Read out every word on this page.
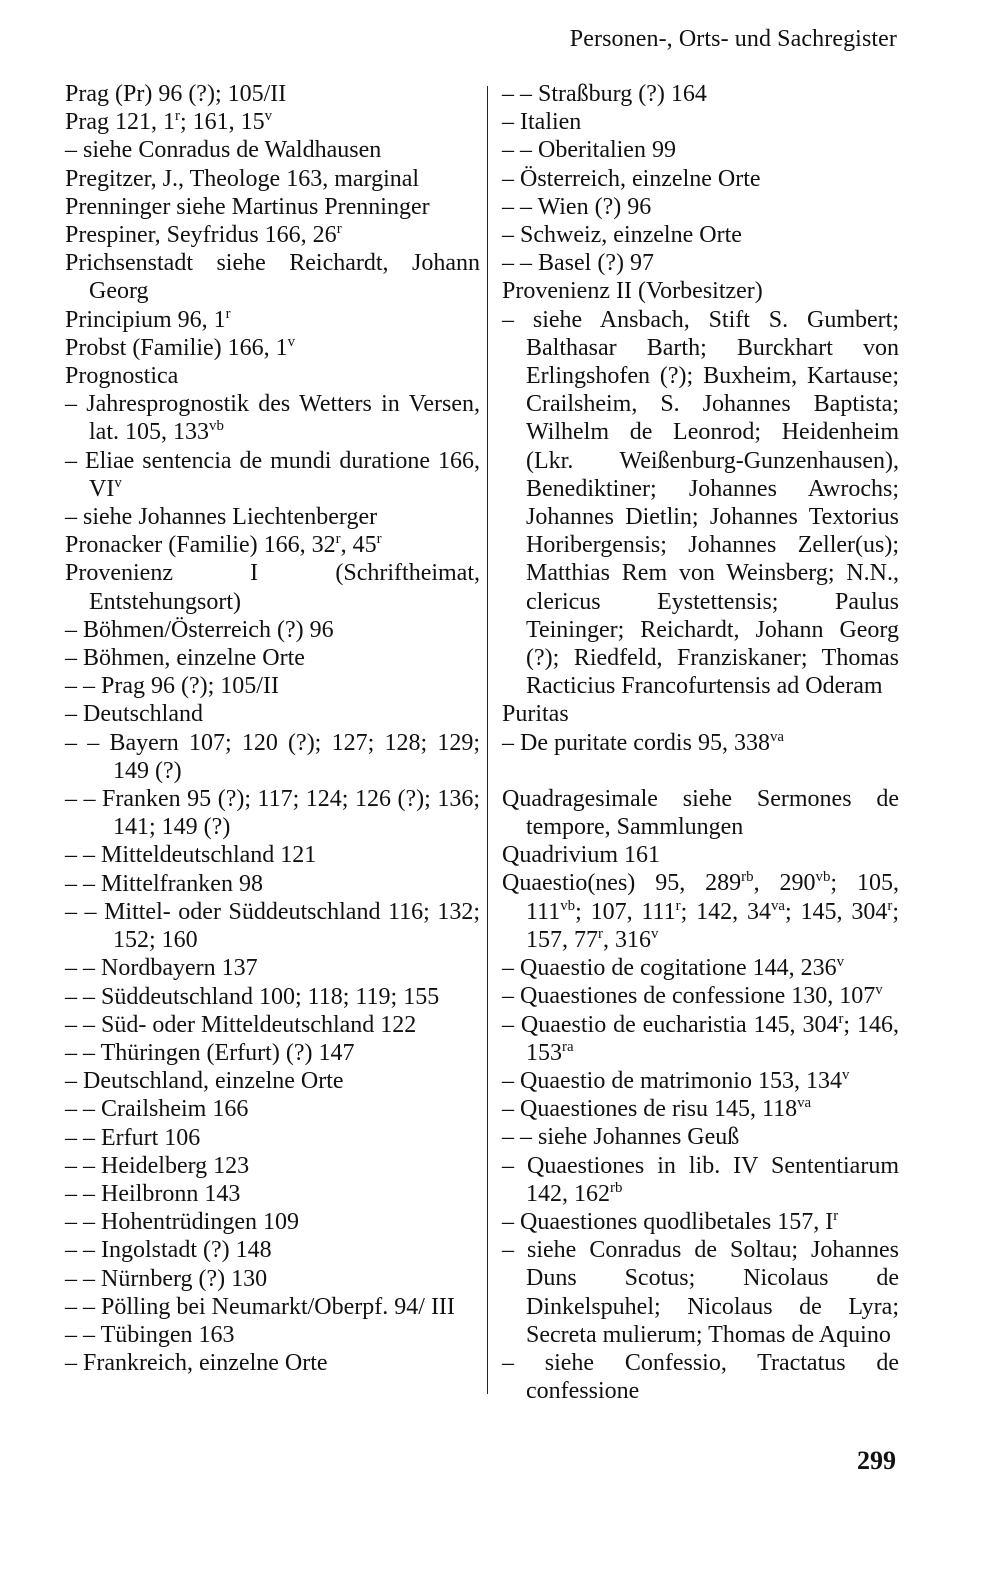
Personen-, Orts- und Sachregister
Prag (Pr) 96 (?); 105/II
Prag 121, 1$^r$; 161, 15$^v$
– siehe Conradus de Waldhausen
Pregitzer, J., Theologe 163, marginal
Prenninger siehe Martinus Prenninger
Prespiner, Seyfridus 166, 26$^r$
Prichsenstadt siehe Reichardt, Johann Georg
Principium 96, 1$^r$
Probst (Familie) 166, 1$^v$
Prognostica
– Jahresprognostik des Wetters in Versen, lat. 105, $133^{vb}$
– Eliae sentencia de mundi duratione 166, $VI^v$
– siehe Johannes Liechtenberger
Pronacker (Familie) 166, 32$^r$, 45$^r$
Provenienz I (Schriftheimat, Entstehungsort)
– Böhmen/Österreich (?) 96
– Böhmen, einzelne Orte
– – Prag 96 (?); 105/II
– Deutschland
– – Bayern 107; 120 (?); 127; 128; 129; 149 (?)
– – Franken 95 (?); 117; 124; 126 (?); 136; 141; 149 (?)
– – Mitteldeutschland 121
– – Mittelfranken 98
– – Mittel- oder Süddeutschland 116; 132; 152; 160
– – Nordbayern 137
– – Süddeutschland 100; 118; 119; 155
– – Süd- oder Mitteldeutschland 122
– – Thüringen (Erfurt) (?) 147
– Deutschland, einzelne Orte
– – Crailsheim 166
– – Erfurt 106
– – Heidelberg 123
– – Heilbronn 143
– – Hohentrüdingen 109
– – Ingolstadt (?) 148
– – Nürnberg (?) 130
– – Pölling bei Neumarkt/Oberpf. 94/ III
– – Tübingen 163
– Frankreich, einzelne Orte
– – Straßburg (?) 164
– Italien
– – Oberitalien 99
– Österreich, einzelne Orte
– – Wien (?) 96
– Schweiz, einzelne Orte
– – Basel (?) 97
Provenienz II (Vorbesitzer)
– siehe Ansbach, Stift S. Gumbert; Balthasar Barth; Burckhart von Erlingshofen (?); Buxheim, Kartause; Crailsheim, S. Johannes Baptista; Wilhelm de Leonrod; Heidenheim (Lkr. Weißenburg-Gunzenhausen), Benediktiner; Johannes Awrochs; Johannes Dietlin; Johannes Textorius Horibergensis; Johannes Zeller(us); Matthias Rem von Weinsberg; N.N., clericus Eystettensis; Paulus Teininger; Reichardt, Johann Georg (?); Riedfeld, Franziskaner; Thomas Racticius Francofurtensis ad Oderam
Puritas
– De puritate cordis 95, $338^{va}$
Quadragesimale siehe Sermones de tempore, Sammlungen
Quadrivium 161
Quaestio(nes) 95, $289^{rb}$, $290^{vb}$; 105, $111^{vb}$; 107, 111$^r$; 142, $34^{va}$; 145, 304$^r$; 157, 77$^r$, 316$^v$
– Quaestio de cogitatione 144, 236$^v$
– Quaestiones de confessione 130, 107$^v$
– Quaestio de eucharistia 145, 304$^r$; 146, $153^{ra}$
– Quaestio de matrimonio 153, 134$^v$
– Quaestiones de risu 145, $118^{va}$
– – siehe Johannes Geuß
– Quaestiones in lib. IV Sententiarum 142, $162^{rb}$
– Quaestiones quodlibetales 157, $I^r$
– siehe Conradus de Soltau; Johannes Duns Scotus; Nicolaus de Dinkelspuhel; Nicolaus de Lyra; Secreta mulierum; Thomas de Aquino
– siehe Confessio, Tractatus de confessione
299
